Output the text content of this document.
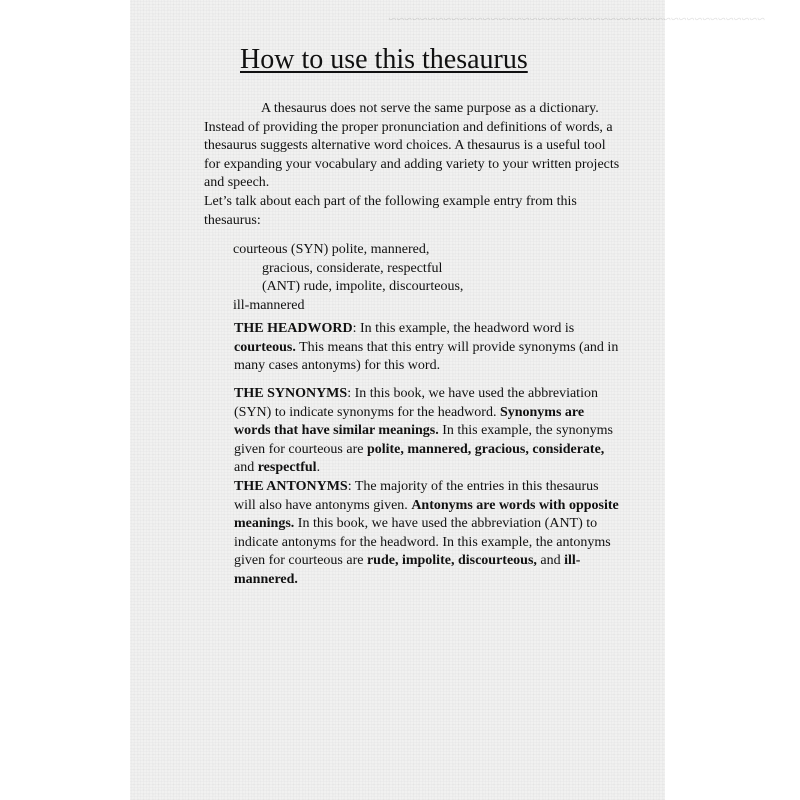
~~~~~~~~~~~~~~~~~~~~~~~~~~~~~~~~~~~~~~~~~~~~~~~~

How to use this thesaurus

A thesaurus does not serve the same purpose as a dictionary. Instead of providing the proper pronunciation and definitions of words, a thesaurus suggests alternative word choices. A thesaurus is a useful tool for expanding your vocabulary and adding variety to your written projects and speech.

Let’s talk about each part of the following example entry from this thesaurus:

courteous (SYN) polite, mannered,
gracious, considerate, respectful
(ANT) rude, impolite, discourteous,
ill-mannered

THE HEADWORD: In this example, the headword word is courteous. This means that this entry will provide synonyms (and in many cases antonyms) for this word.

THE SYNONYMS: In this book, we have used the abbreviation (SYN) to indicate synonyms for the headword. Synonyms are words that have similar meanings. In this example, the synonyms given for courteous are polite, mannered, gracious, considerate, and respectful.

THE ANTONYMS: The majority of the entries in this thesaurus will also have antonyms given. Antonyms are words with opposite meanings. In this book, we have used the abbreviation (ANT) to indicate antonyms for the headword. In this example, the antonyms given for courteous are rude, impolite, discourteous, and ill-mannered.
